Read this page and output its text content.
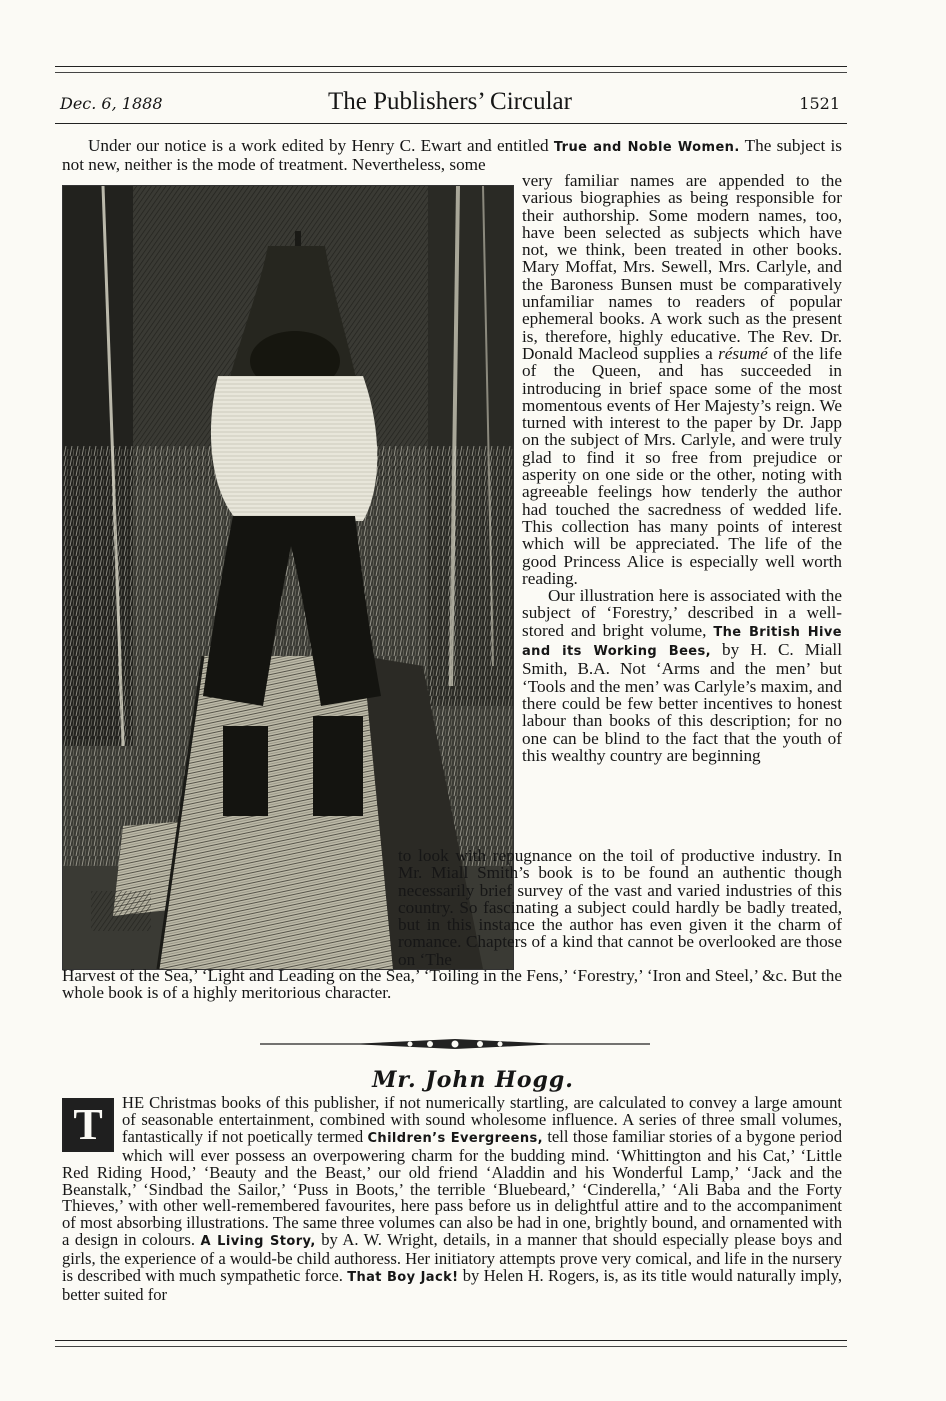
Dec. 6, 1888	The Publishers’ Circular	1521

Under our notice is a work edited by Henry C. Ewart and entitled True and Noble Women. The subject is not new, neither is the mode of treatment. Nevertheless, some

very familiar names are appended to the various biographies as being responsible for their authorship. Some modern names, too, have been selected as subjects which have not, we think, been treated in other books. Mary Moffat, Mrs. Sewell, Mrs. Carlyle, and the Baroness Bunsen must be comparatively unfamiliar names to readers of popular ephemeral books. A work such as the present is, therefore, highly educative. The Rev. Dr. Donald Macleod supplies a résumé of the life of the Queen, and has succeeded in introducing in brief space some of the most momentous events of Her Majesty’s reign. We turned with interest to the paper by Dr. Japp on the subject of Mrs. Carlyle, and were truly glad to find it so free from prejudice or asperity on one side or the other, noting with agreeable feelings how tenderly the author had touched the sacredness of wedded life. This collection has many points of interest which will be appreciated. The life of the good Princess Alice is especially well worth reading.

Our illustration here is associated with the subject of ‘Forestry,’ described in a well-stored and bright volume, The British Hive and its Working Bees, by H. C. Miall Smith, B.A. Not ‘Arms and the men’ but ‘Tools and the men’ was Carlyle’s maxim, and there could be few better incentives to honest labour than books of this description; for no one can be blind to the fact that the youth of this wealthy country are beginning

to look with repugnance on the toil of productive industry. In Mr. Miall Smith’s book is to be found an authentic though necessarily brief survey of the vast and varied industries of this country. So fascinating a subject could hardly be badly treated, but in this instance the author has even given it the charm of romance. Chapters of a kind that cannot be overlooked are those on ‘The

Harvest of the Sea,’ ‘Light and Leading on the Sea,’ ‘Toiling in the Fens,’ ‘Forestry,’ ‘Iron and Steel,’ &c. But the whole book is of a highly meritorious character.

Mr. John Hogg.

T	HE Christmas books of this publisher, if not numerically startling, are calculated to convey a large amount of seasonable entertainment, combined with sound wholesome influence. A series of three small volumes, fantastically if not poetically termed Children’s Evergreens, tell those familiar stories of a bygone period which will ever possess an overpowering charm for the budding mind. ‘Whittington and his Cat,’ ‘Little Red Riding Hood,’ ‘Beauty and the Beast,’ our old friend ‘Aladdin and his Wonderful Lamp,’ ‘Jack and the Beanstalk,’ ‘Sindbad the Sailor,’ ‘Puss in Boots,’ the terrible ‘Bluebeard,’ ‘Cinderella,’ ‘Ali Baba and the Forty Thieves,’ with other well-remembered favourites, here pass before us in delightful attire and to the accompaniment of most absorbing illustrations. The same three volumes can also be had in one, brightly bound, and ornamented with a design in colours. A Living Story, by A. W. Wright, details, in a manner that should especially please boys and girls, the experience of a would-be child authoress. Her initiatory attempts prove very comical, and life in the nursery is described with much sympathetic force. That Boy Jack! by Helen H. Rogers, is, as its title would naturally imply, better suited for
